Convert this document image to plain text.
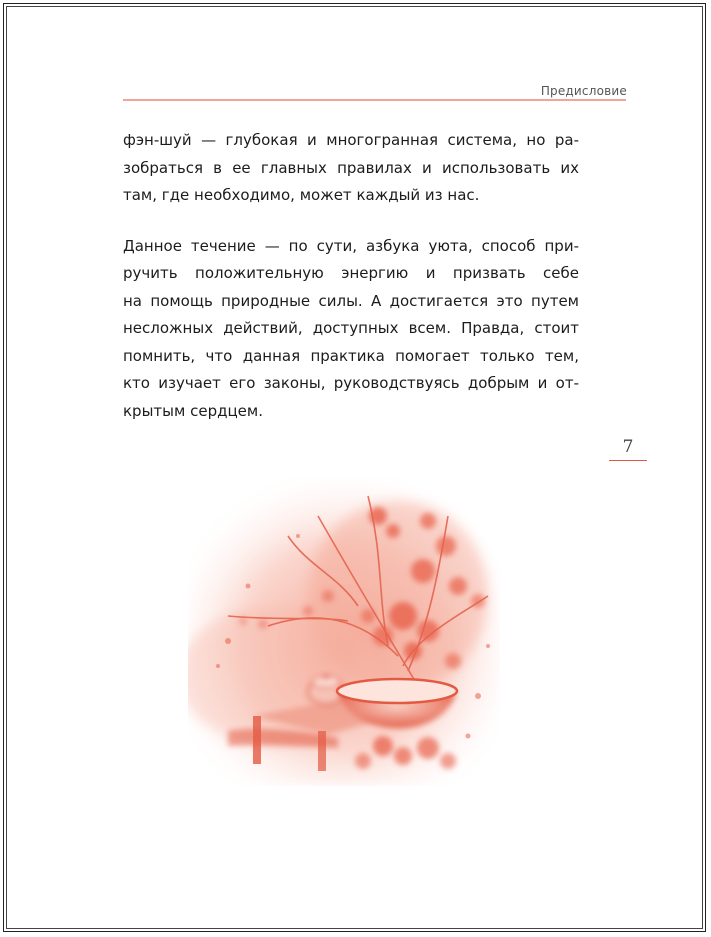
Предисловие
фэн-шуй — глубокая и многогранная система, но ра-
зобраться в ее главных правилах и использовать их
там, где необходимо, может каждый из нас.
Данное течение — по сути, азбука уюта, способ при-
ручить положительную энергию и призвать себе
на помощь природные силы. А достигается это путем
несложных действий, доступных всем. Правда, стоит
помнить, что данная практика помогает только тем,
кто изучает его законы, руководствуясь добрым и от-
крытым сердцем.
7
